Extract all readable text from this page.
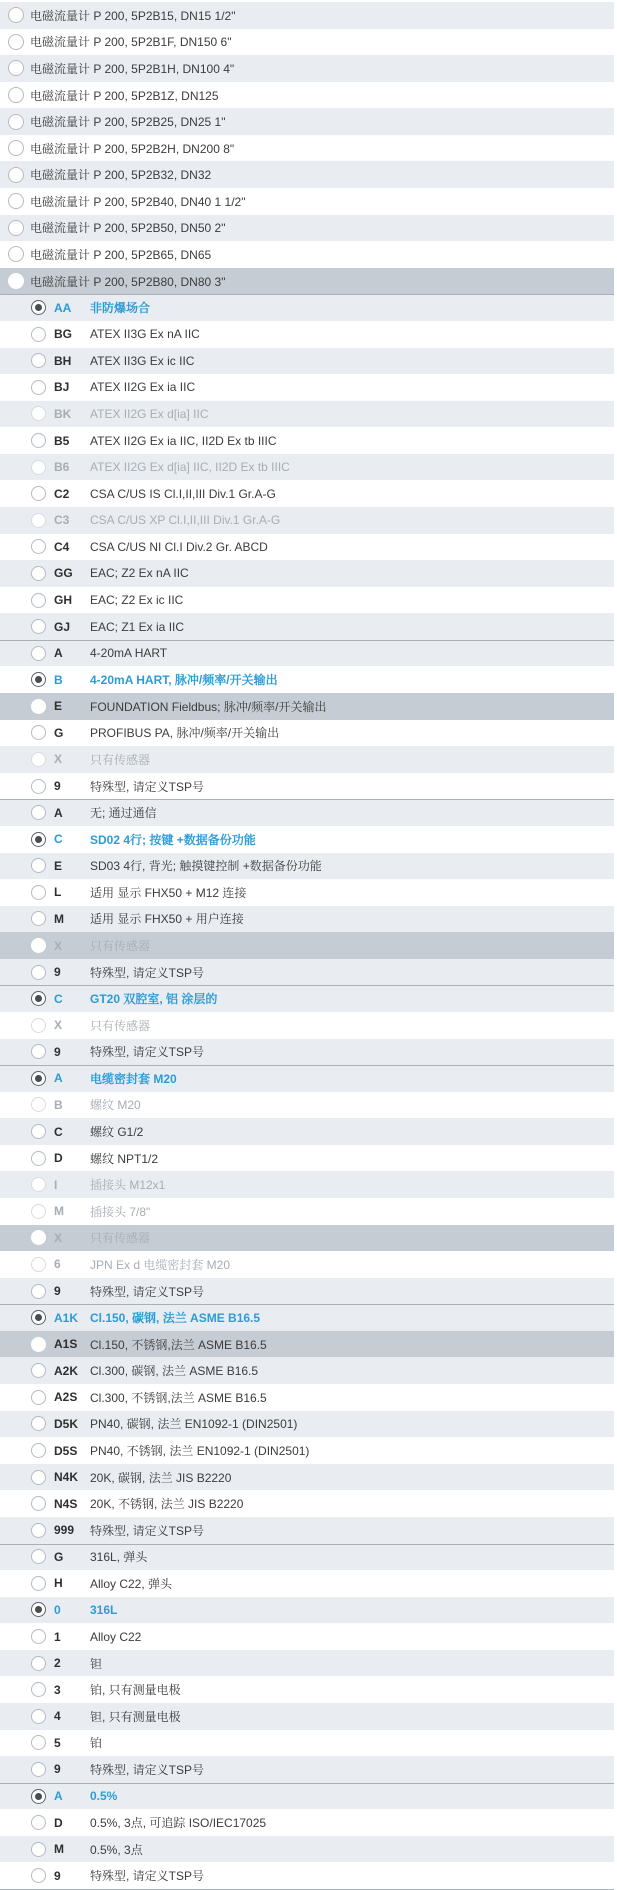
电磁流量计 P 200, 5P2B15, DN15 1/2"
电磁流量计 P 200, 5P2B1F, DN150 6"
电磁流量计 P 200, 5P2B1H, DN100 4"
电磁流量计 P 200, 5P2B1Z, DN125
电磁流量计 P 200, 5P2B25, DN25 1"
电磁流量计 P 200, 5P2B2H, DN200 8"
电磁流量计 P 200, 5P2B32, DN32
电磁流量计 P 200, 5P2B40, DN40 1 1/2"
电磁流量计 P 200, 5P2B50, DN50 2"
电磁流量计 P 200, 5P2B65, DN65
电磁流量计 P 200, 5P2B80, DN80 3"
AA	非防爆场合
BG	ATEX II3G Ex nA IIC
BH	ATEX II3G Ex ic IIC
BJ	ATEX II2G Ex ia IIC
BK	ATEX II2G Ex d[ia] IIC
B5	ATEX II2G Ex ia IIC, II2D Ex tb IIIC
B6	ATEX II2G Ex d[ia] IIC, II2D Ex tb IIIC
C2	CSA C/US IS Cl.I,II,III Div.1 Gr.A-G
C3	CSA C/US XP Cl.I,II,III Div.1 Gr.A-G
C4	CSA C/US NI Cl.I Div.2 Gr. ABCD
GG	EAC; Z2 Ex nA IIC
GH	EAC; Z2 Ex ic IIC
GJ	EAC; Z1 Ex ia IIC
A	4-20mA HART
B	4-20mA HART, 脉冲/频率/开关输出
E	FOUNDATION Fieldbus; 脉冲/频率/开关输出
G	PROFIBUS PA, 脉冲/频率/开关输出
X	只有传感器
9	特殊型, 请定义TSP号
A	无; 通过通信
C	SD02 4行; 按键 +数据备份功能
E	SD03 4行, 背光; 触摸键控制 +数据备份功能
L	适用 显示 FHX50 + M12 连接
M	适用 显示 FHX50 + 用户连接
X	只有传感器
9	特殊型, 请定义TSP号
C	GT20 双腔室, 铝 涂层的
X	只有传感器
9	特殊型, 请定义TSP号
A	电缆密封套 M20
B	螺纹 M20
C	螺纹 G1/2
D	螺纹 NPT1/2
I	插接头 M12x1
M	插接头 7/8"
X	只有传感器
6	JPN Ex d 电缆密封套 M20
9	特殊型, 请定义TSP号
A1K Cl.150, 碳钢, 法兰 ASME B16.5
A1S	Cl.150, 不锈钢,法兰 ASME B16.5
A2K Cl.300, 碳钢, 法兰 ASME B16.5
A2S	Cl.300, 不锈钢,法兰 ASME B16.5
D5K PN40, 碳钢, 法兰 EN1092-1 (DIN2501)
D5S	PN40, 不锈钢, 法兰 EN1092-1 (DIN2501)
N4K 20K, 碳钢, 法兰 JIS B2220
N4S	20K, 不锈钢, 法兰 JIS B2220
999	特殊型, 请定义TSP号
G	316L, 弹头
H	Alloy C22, 弹头
0	316L
1	Alloy C22
2	钽
3	铂, 只有测量电极
4	钽, 只有测量电极
5	铂
9	特殊型, 请定义TSP号
A	0.5%
D	0.5%, 3点, 可追踪 ISO/IEC17025
M	0.5%, 3点
9	特殊型, 请定义TSP号
